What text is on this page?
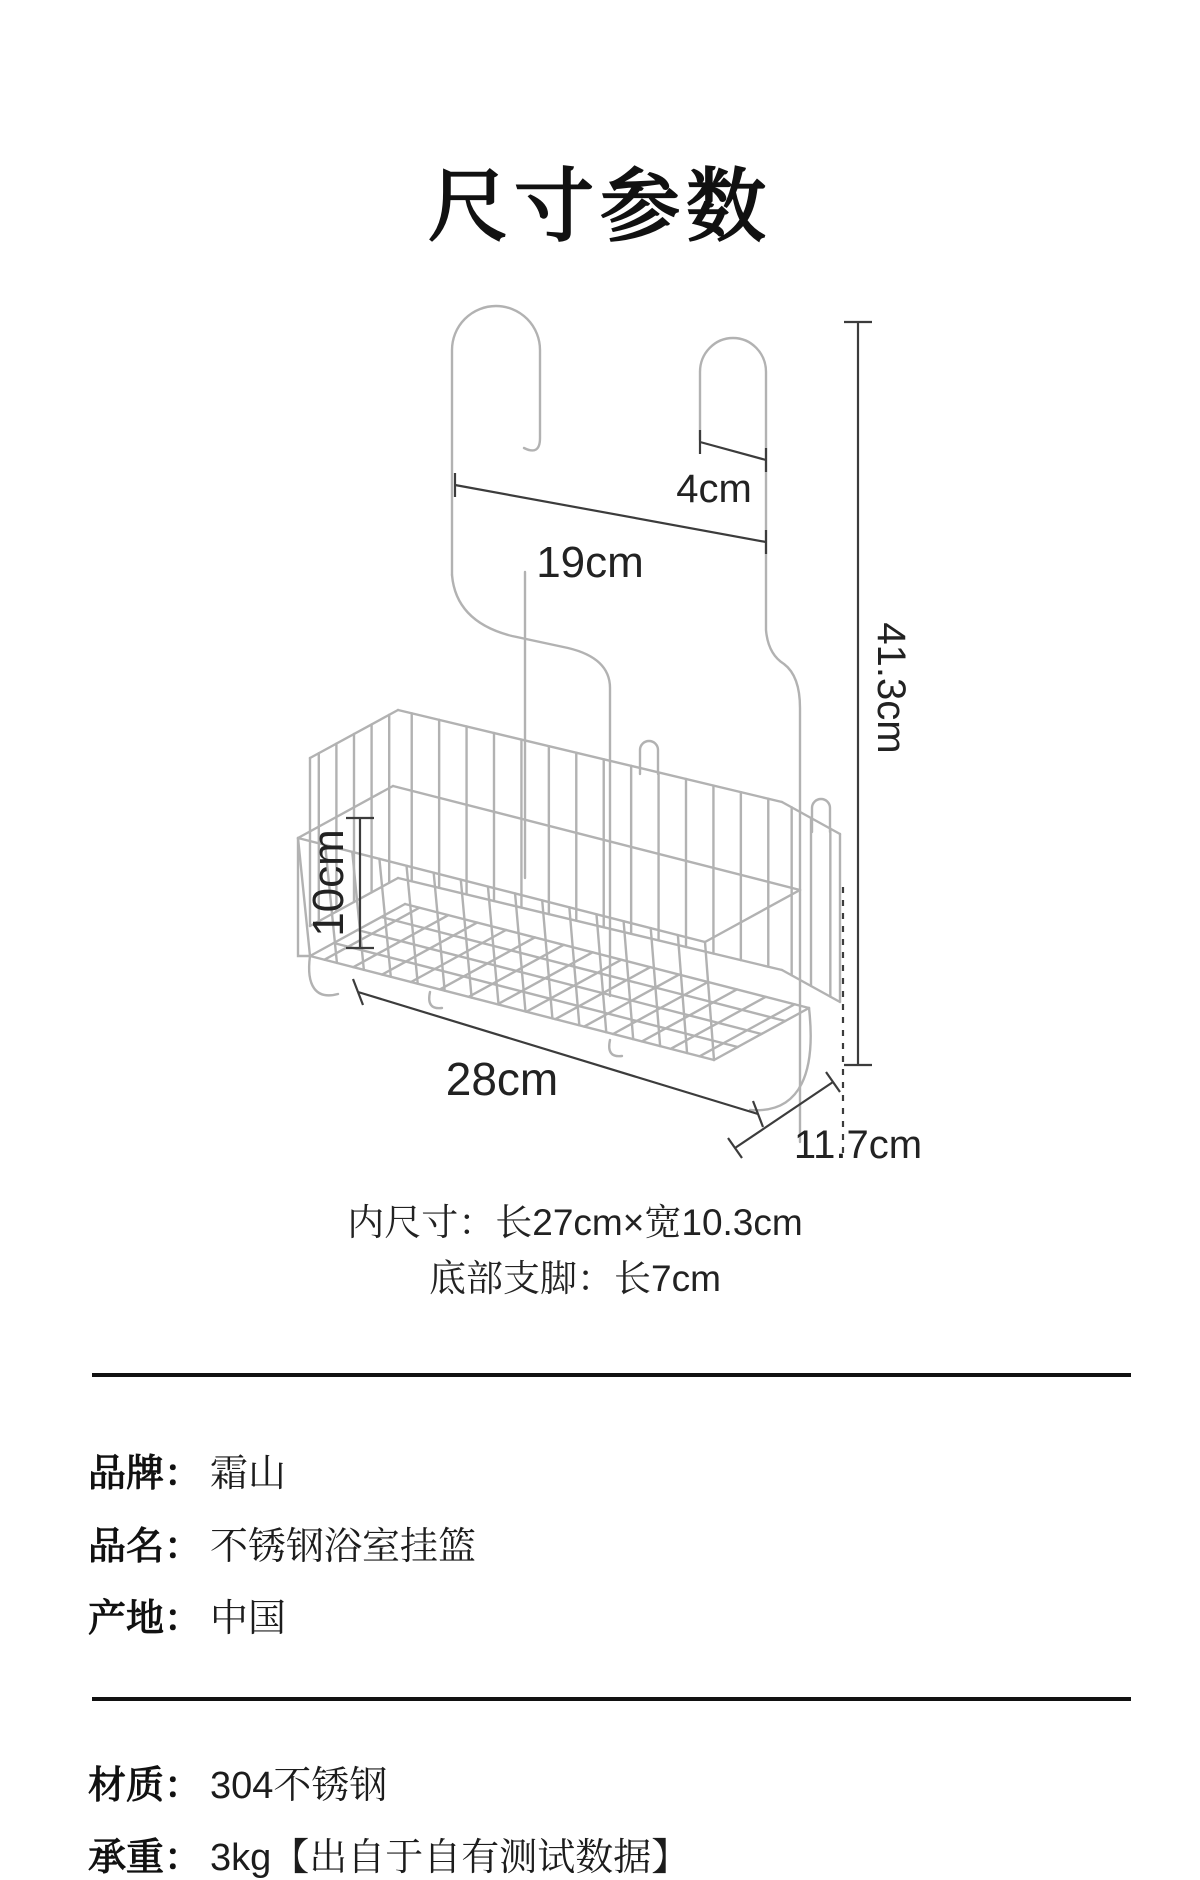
尺寸参数
4cm
19cm
41.3cm
10cm
28cm
11.7cm
内尺寸：长27cm×宽10.3cm
底部支脚：长7cm
品牌： 霜山
品名： 不锈钢浴室挂篮
产地： 中国
材质： 304不锈钢
承重： 3kg【出自于自有测试数据】
